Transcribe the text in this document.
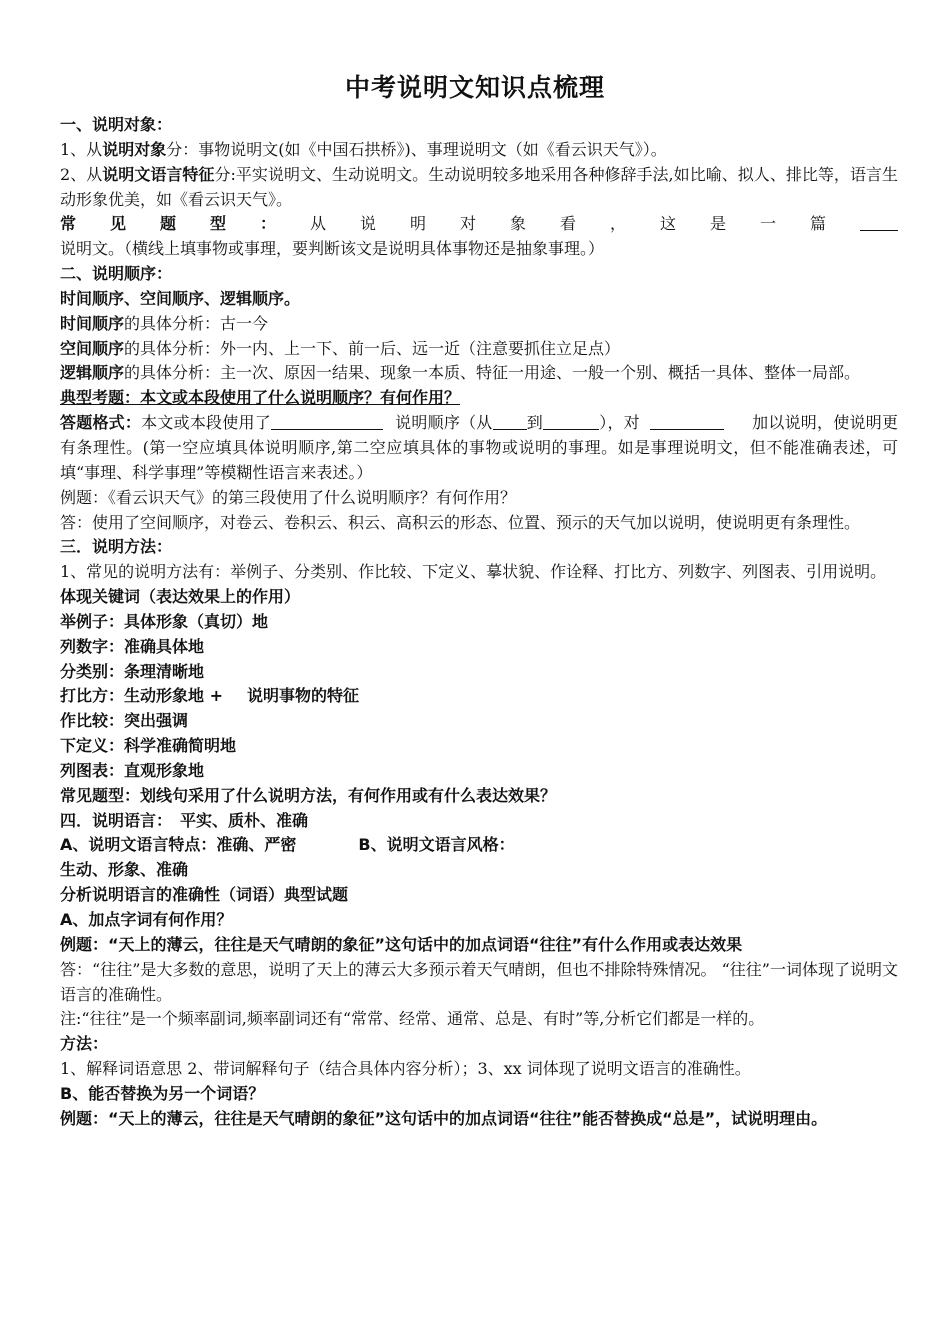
中考说明文知识点梳理
一、说明对象：
1、从说明对象分：事物说明文(如《中国石拱桥》)、事理说明文（如《看云识天气》）。
2、从说明文语言特征分:平实说明文、生动说明文。生动说明较多地采用各种修辞手法,如比喻、拟人、排比等，语言生动形象优美，如《看云识天气》。
常见题型：从说明对象看，这是一篇说明文。（横线上填事物或事理，要判断该文是说明具体事物还是抽象事理。）
二、说明顺序：
时间顺序、空间顺序、逻辑顺序。
时间顺序的具体分析：古一今
空间顺序的具体分析：外一内、上一下、前一后、远一近（注意要抓住立足点）
逻辑顺序的具体分析：主一次、原因一结果、现象一本质、特征一用途、一般一个别、概括一具体、整体一局部。
典型考题：本文或本段使用了什么说明顺序？有何作用？
答题格式：本文或本段使用了	说明顺序（从 到	），对	加以说明，使说明更有条理性。(第一空应填具体说明顺序,第二空应填具体的事物或说明的事理。如是事理说明文，但不能准确表述，可填“事理、科学事理”等模糊性语言来表述。）
例题：《看云识天气》的第三段使用了什么说明顺序？有何作用？
答：使用了空间顺序，对卷云、卷积云、积云、高积云的形态、位置、预示的天气加以说明，使说明更有条理性。
三．说明方法：
1、常见的说明方法有：举例子、分类别、作比较、下定义、摹状貌、作诠释、打比方、列数字、列图表、引用说明。
体现关键词（表达效果上的作用）
举例子：具体形象（真切）地
列数字：准确具体地
分类别：条理清晰地
打比方：生动形象地 + 说明事物的特征
作比较：突出强调
下定义：科学准确简明地
列图表：直观形象地
常见题型：划线句采用了什么说明方法，有何作用或有什么表达效果？
四．说明语言： 平实、质朴、准确
A、说明文语言特点：准确、严密	B、说明文语言风格：
生动、形象、准确
分析说明语言的准确性（词语）典型试题
A、加点字词有何作用？
例题：“天上的薄云，往往是天气晴朗的象征”这句话中的加点词语“往往”有什么作用或表达效果
答：“往往”是大多数的意思，说明了天上的薄云大多预示着天气晴朗，但也不排除特殊情况。 “往往”一词体现了说明文语言的准确性。
注:“往往”是一个频率副词,频率副词还有“常常、经常、通常、总是、有时”等,分析它们都是一样的。
方法：
1、解释词语意思 2、带词解释句子（结合具体内容分析）；3、xx 词体现了说明文语言的准确性。
B、能否替换为另一个词语？
例题：“天上的薄云，往往是天气晴朗的象征”这句话中的加点词语“往往”能否替换成“总是”，试说明理由。
